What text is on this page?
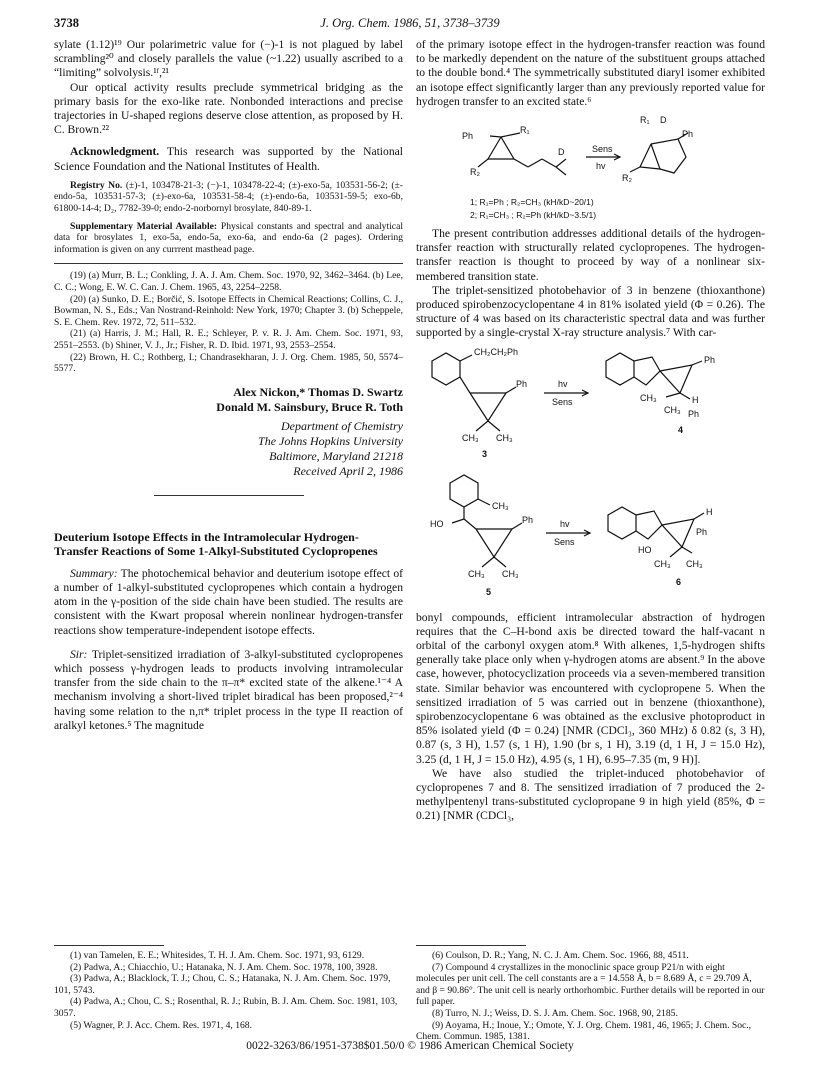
3738	J. Org. Chem. 1986, 51, 3738–3739

sylate (1.12)¹⁹ Our polarimetric value for (−)-1 is not plagued by label scrambling²⁰ and closely parallels the value (~1.22) usually ascribed to a “limiting” solvolysis.¹ᶠ,²¹

Our optical activity results preclude symmetrical bridging as the primary basis for the exo-like rate. Nonbonded interactions and precise trajectories in U-shaped regions deserve close attention, as proposed by H. C. Brown.²²

Acknowledgment. This research was supported by the National Science Foundation and the National Institutes of Health.

Registry No. (±)-1, 103478-21-3; (−)-1, 103478-22-4; (±)-exo-5a, 103531-56-2; (±-endo-5a, 103531-57-3; (±)-exo-6a, 103531-58-4; (±)-endo-6a, 103531-59-5; exo-6b, 61800-14-4; D₂, 7782-39-0; endo-2-norbornyl brosylate, 840-89-1.

Supplementary Material Available: Physical constants and spectral and analytical data for brosylates 1, exo-5a, endo-5a, exo-6a, and endo-6a (2 pages). Ordering information is given on any currrent masthead page.

(19) (a) Murr, B. L.; Conkling, J. A. J. Am. Chem. Soc. 1970, 92, 3462–3464. (b) Lee, C. C.; Wong, E. W. C. Can. J. Chem. 1965, 43, 2254–2258.

(20) (a) Sunko, D. E.; Borčić, S. Isotope Effects in Chemical Reactions; Collins, C. J., Bowman, N. S., Eds.; Van Nostrand-Reinhold: New York, 1970; Chapter 3. (b) Scheppele, S. E. Chem. Rev. 1972, 72, 511–532.

(21) (a) Harris, J. M.; Hall, R. E.; Schleyer, P. v. R. J. Am. Chem. Soc. 1971, 93, 2551–2553. (b) Shiner, V. J., Jr.; Fisher, R. D. Ibid. 1971, 93, 2553–2554.

(22) Brown, H. C.; Rothberg, I.; Chandrasekharan, J. J. Org. Chem. 1985, 50, 5574–5577.

Alex Nickon,* Thomas D. Swartz
Donald M. Sainsbury, Bruce R. Toth
Department of Chemistry
The Johns Hopkins University
Baltimore, Maryland 21218
Received April 2, 1986
Deuterium Isotope Effects in the Intramolecular Hydrogen-Transfer Reactions of Some 1-Alkyl-Substituted Cyclopropenes

Summary: The photochemical behavior and deuterium isotope effect of a number of 1-alkyl-substituted cyclopropenes which contain a hydrogen atom in the γ-position of the side chain have been studied. The results are consistent with the Kwart proposal wherein nonlinear hydrogen-transfer reactions show temperature-independent isotope effects.

Sir: Triplet-sensitized irradiation of 3-alkyl-substituted cyclopropenes which possess γ-hydrogen leads to products involving intramolecular transfer from the side chain to the π–π* excited state of the alkene.¹⁻⁴ A mechanism involving a short-lived triplet biradical has been proposed,²⁻⁴ having some relation to the n,π* triplet process in the type II reaction of aralkyl ketones.⁵ The magnitude

(1) van Tamelen, E. E.; Whitesides, T. H. J. Am. Chem. Soc. 1971, 93, 6129.

(2) Padwa, A.; Chiacchio, U.; Hatanaka, N. J. Am. Chem. Soc. 1978, 100, 3928.

(3) Padwa, A.; Blacklock, T. J.; Chou, C. S.; Hatanaka, N. J. Am. Chem. Soc. 1979, 101, 5743.

(4) Padwa, A.; Chou, C. S.; Rosenthal, R. J.; Rubin, B. J. Am. Chem. Soc. 1981, 103, 3057.

(5) Wagner, P. J. Acc. Chem. Res. 1971, 4, 168.

of the primary isotope effect in the hydrogen-transfer reaction was found to be markedly dependent on the nature of the substituent groups attached to the double bond.⁴ The symmetrically substituted diaryl isomer exhibited an isotope effect significantly larger than any previously reported value for hydrogen transfer to an excited state.⁶

Ph
R₁
R₂
D	Sens
hv
R₁ D
Ph
R₂
1; R₁=Ph ; R₂=CH₃ (kH/kD~20/1)
2; R₁=CH₃ ; R₂=Ph (kH/kD~3.5/1)

The present contribution addresses additional details of the hydrogen-transfer reaction with structurally related cyclopropenes. The hydrogen-transfer reaction is thought to proceed by way of a nonlinear six-membered transition state.

The triplet-sensitized photobehavior of 3 in benzene (thioxanthone) produced spirobenzocyclopentane 4 in 81% isolated yield (Φ = 0.26). The structure of 4 was based on its characteristic spectral data and was further supported by a single-crystal X-ray structure analysis.⁷ With car-

CH₂CH₂Ph
Ph
CH₃ CH₃
hv
Sens
3
Ph
CH₃	H
CH₃ Ph
4
CH₃
HO	Ph
CH₃ CH₃
hv
Sens
5
H
Ph
HO
CH₃ CH₃
6

bonyl compounds, efficient intramolecular abstraction of hydrogen requires that the C–H-bond axis be directed toward the half-vacant n orbital of the carbonyl oxygen atom.⁸ With alkenes, 1,5-hydrogen shifts generally take place only when γ-hydrogen atoms are absent.⁹ In the above case, however, photocyclization proceeds via a seven-membered transition state. Similar behavior was encountered with cyclopropene 5. When the sensitized irradiation of 5 was carried out in benzene (thioxanthone), spirobenzocyclopentane 6 was obtained as the exclusive photoproduct in 85% isolated yield (Φ = 0.24) [NMR (CDCl₃, 360 MHz) δ 0.82 (s, 3 H), 0.87 (s, 3 H), 1.57 (s, 1 H), 1.90 (br s, 1 H), 3.19 (d, 1 H, J = 15.0 Hz), 3.25 (d, 1 H, J = 15.0 Hz), 4.95 (s, 1 H), 6.95–7.35 (m, 9 H)].

We have also studied the triplet-induced photobehavior of cyclopropenes 7 and 8. The sensitized irradiation of 7 produced the 2-methylpentenyl trans-substituted cyclopropane 9 in high yield (85%, Φ = 0.21) [NMR (CDCl₃,

(6) Coulson, D. R.; Yang, N. C. J. Am. Chem. Soc. 1966, 88, 4511.

(7) Compound 4 crystallizes in the monoclinic space group P21/n with eight molecules per unit cell. The cell constants are a = 14.558 Å, b = 8.689 Å, c = 29.709 Å, and β = 90.86°. The unit cell is nearly orthorhombic. Further details will be reported in our full paper.

(8) Turro, N. J.; Weiss, D. S. J. Am. Chem. Soc. 1968, 90, 2185.

(9) Aoyama, H.; Inoue, Y.; Omote, Y. J. Org. Chem. 1981, 46, 1965; J. Chem. Soc., Chem. Commun. 1985, 1381.

0022-3263/86/1951-3738$01.50/0 © 1986 American Chemical Society
